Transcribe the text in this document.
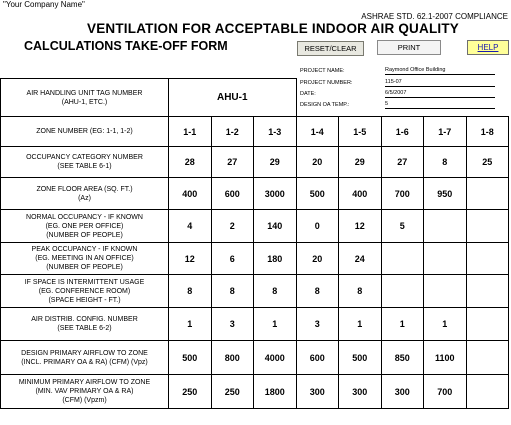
"Your Company Name"
ASHRAE STD. 62.1-2007 COMPLIANCE
VENTILATION FOR ACCEPTABLE INDOOR AIR QUALITY
CALCULATIONS TAKE-OFF FORM	RESET/CLEAR	PRINT	HELP
PROJECT NAME:	Raymond Office Building
PROJECT NUMBER:	115-07
DATE:	6/5/2007
DESIGN OA TEMP.:	5
AIR HANDLING UNIT TAG NUMBER
(AHU-1, ETC.)	AHU-1							
ZONE NUMBER (EG: 1-1, 1-2)	1-1	1-2	1-3	1-4	1-5	1-6	1-7	1-8
OCCUPANCY CATEGORY NUMBER
(SEE TABLE 6-1)	28	27	29	20	29	27	8	25
ZONE FLOOR AREA (SQ. FT.)
(Az)	400	600	3000	500	400	700	950	
NORMAL OCCUPANCY - IF KNOWN
(EG. ONE PER OFFICE)
(NUMBER OF PEOPLE)	4	2	140	0	12	5		
PEAK OCCUPANCY - IF KNOWN
(EG. MEETING IN AN OFFICE)
(NUMBER OF PEOPLE)	12	6	180	20	24			
IF SPACE IS INTERMITTENT USAGE
(EG. CONFERENCE ROOM)
(SPACE HEIGHT - FT.)	8	8	8	8	8			
AIR DISTRIB. CONFIG. NUMBER
(SEE TABLE 6-2)	1	3	1	3	1	1	1	
DESIGN PRIMARY AIRFLOW TO ZONE
(INCL. PRIMARY OA & RA) (CFM) (Vpz)	500	800	4000	600	500	850	1100	
MINIMUM PRIMARY AIRFLOW TO ZONE
(MIN. VAV PRIMARY OA & RA)
(CFM) (Vpzm)	250	250	1800	300	300	300	700	
